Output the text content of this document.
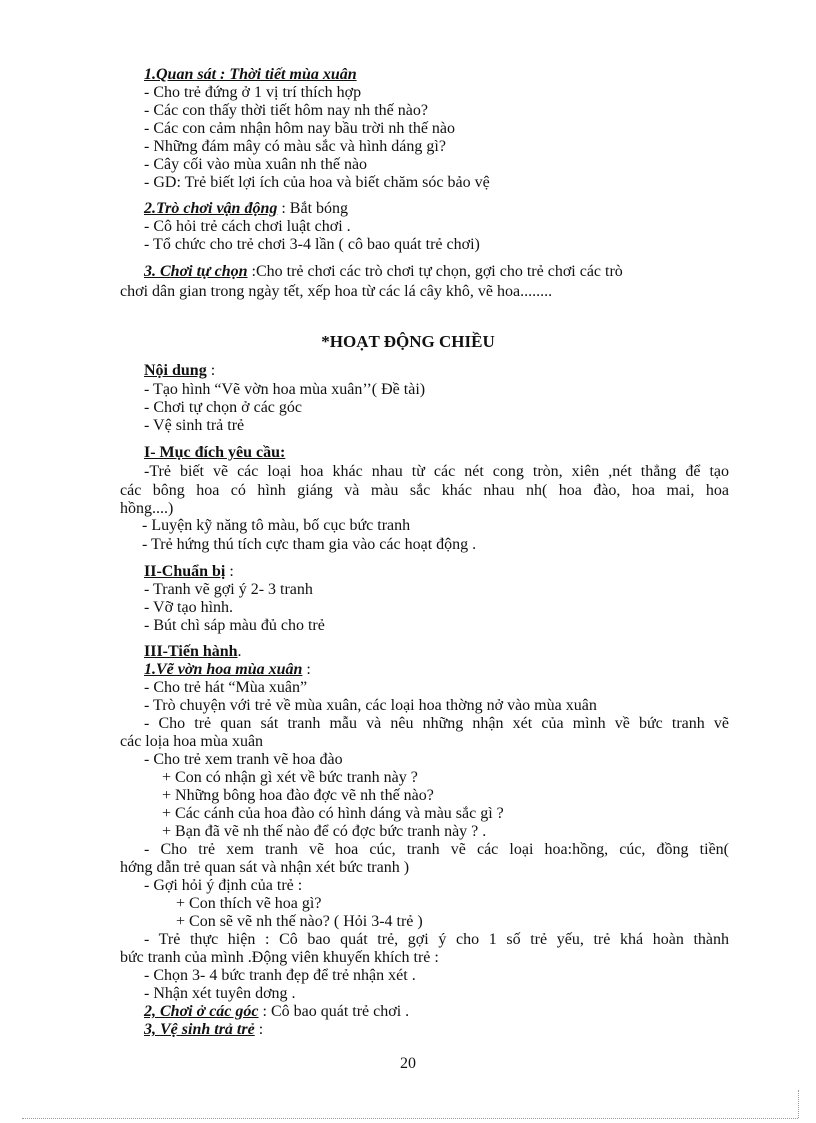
1.Quan sát : Thời tiết mùa xuân
- Cho trẻ đứng ở 1 vị trí thích hợp
- Các con thấy thời tiết hôm nay nh thế nào?
- Các con cảm nhận hôm nay bầu trời nh thế nào
- Những đám mây có màu sắc và hình dáng gì?
- Cây cối vào mùa xuân nh thế nào
- GD: Trẻ biết lợi ích của hoa và biết chăm sóc bảo vệ
2.Trò chơi vận động : Bắt bóng
- Cô hỏi trẻ cách chơi luật chơi .
- Tổ chức cho trẻ chơi 3-4 lần ( cô bao quát trẻ chơi)
3. Chơi tự chọn :Cho trẻ chơi các trò chơi tự chọn, gợi cho trẻ chơi các trò
chơi dân gian trong ngày tết, xếp hoa từ các lá cây khô, vẽ hoa........
*HOẠT ĐỘNG CHIỀU
Nội dung :
- Tạo hình “Vẽ vờn hoa mùa xuân’’( Đề tài)
- Chơi tự chọn ở các góc
- Vệ sinh trả trẻ
I- Mục đích yêu cầu:
-Trẻ biết vẽ các loại hoa khác nhau từ các nét cong tròn, xiên ,nét thẳng để tạo
các bông hoa có hình giáng và màu sắc khác nhau nh( hoa đào, hoa mai, hoa
hồng....)
- Luyện kỹ năng tô màu, bố cục bức tranh
- Trẻ hứng thú tích cực tham gia vào các hoạt động .
II-Chuẩn bị :
- Tranh vẽ gợi ý 2- 3 tranh
- Vỡ tạo hình.
- Bút chì sáp màu đủ cho trẻ
III-Tiến hành.
1.Vẽ vờn hoa mùa xuân :
- Cho trẻ hát “Mùa xuân”
- Trò chuyện với trẻ về mùa xuân, các loại hoa thờng nở vào mùa xuân
- Cho trẻ quan sát tranh mẫu và nêu những nhận xét của mình về bức tranh vẽ
các loịa hoa mùa xuân
- Cho trẻ xem tranh vẽ hoa đào
+ Con có nhận gì xét về bức tranh này ?
+ Những bông hoa đào đợc vẽ nh thế nào?
+ Các cánh của hoa đào có hình dáng và màu sắc gì ?
+ Bạn đã vẽ nh thế nào để có đợc bức tranh này ? .
- Cho trẻ xem tranh vẽ hoa cúc, tranh vẽ các loại hoa:hồng, cúc, đồng tiền(
hớng dẫn trẻ quan sát và nhận xét bức tranh )
- Gợi hỏi ý định của trẻ :
+ Con thích vẽ hoa gì?
+ Con sẽ vẽ nh thế nào? ( Hỏi 3-4 trẻ )
- Trẻ thực hiện : Cô bao quát trẻ, gợi ý cho 1 số trẻ yếu, trẻ khá hoàn thành
bức tranh của mình .Động viên khuyến khích trẻ :
- Chọn 3- 4 bức tranh đẹp để trẻ nhận xét .
- Nhận xét tuyên dơng .
2, Chơi ở các góc : Cô bao quát trẻ chơi .
3, Vệ sinh trả trẻ :
20
